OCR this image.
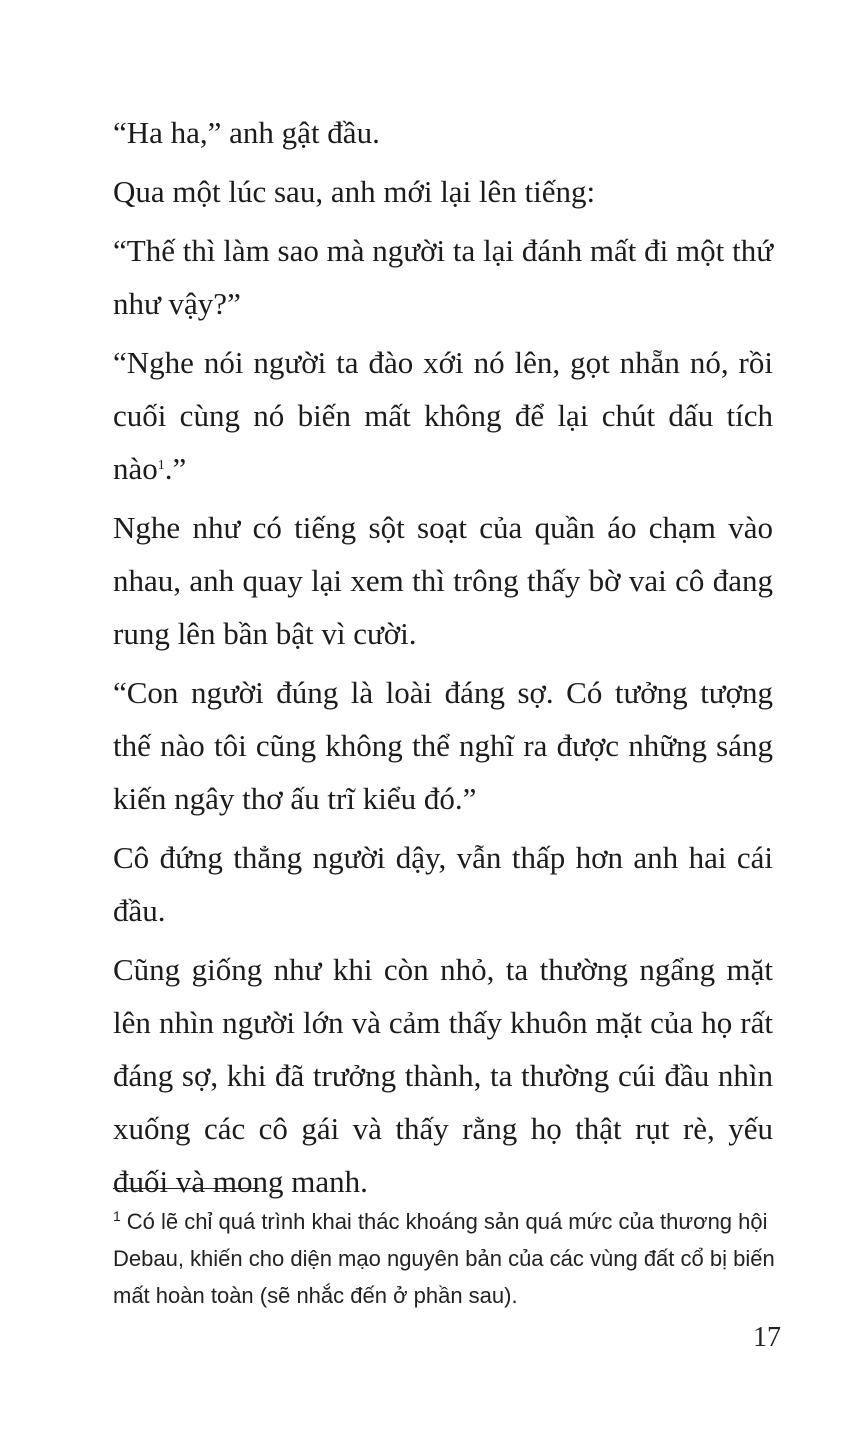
“Ha ha,” anh gật đầu.

Qua một lúc sau, anh mới lại lên tiếng:

“Thế thì làm sao mà người ta lại đánh mất đi một thứ như vậy?”

“Nghe nói người ta đào xới nó lên, gọt nhẵn nó, rồi cuối cùng nó biến mất không để lại chút dấu tích nào$^1$.”

Nghe như có tiếng sột soạt của quần áo chạm vào nhau, anh quay lại xem thì trông thấy bờ vai cô đang rung lên bần bật vì cười.

“Con người đúng là loài đáng sợ. Có tưởng tượng thế nào tôi cũng không thể nghĩ ra được những sáng kiến ngây thơ ấu trĩ kiểu đó.”

Cô đứng thẳng người dậy, vẫn thấp hơn anh hai cái đầu.

Cũng giống như khi còn nhỏ, ta thường ngẩng mặt lên nhìn người lớn và cảm thấy khuôn mặt của họ rất đáng sợ, khi đã trưởng thành, ta thường cúi đầu nhìn xuống các cô gái và thấy rằng họ thật rụt rè, yếu đuối và mong manh.

$^1$ Có lẽ chỉ quá trình khai thác khoáng sản quá mức của thương hội Debau, khiến cho diện mạo nguyên bản của các vùng đất cổ bị biến mất hoàn toàn (sẽ nhắc đến ở phần sau).
17
